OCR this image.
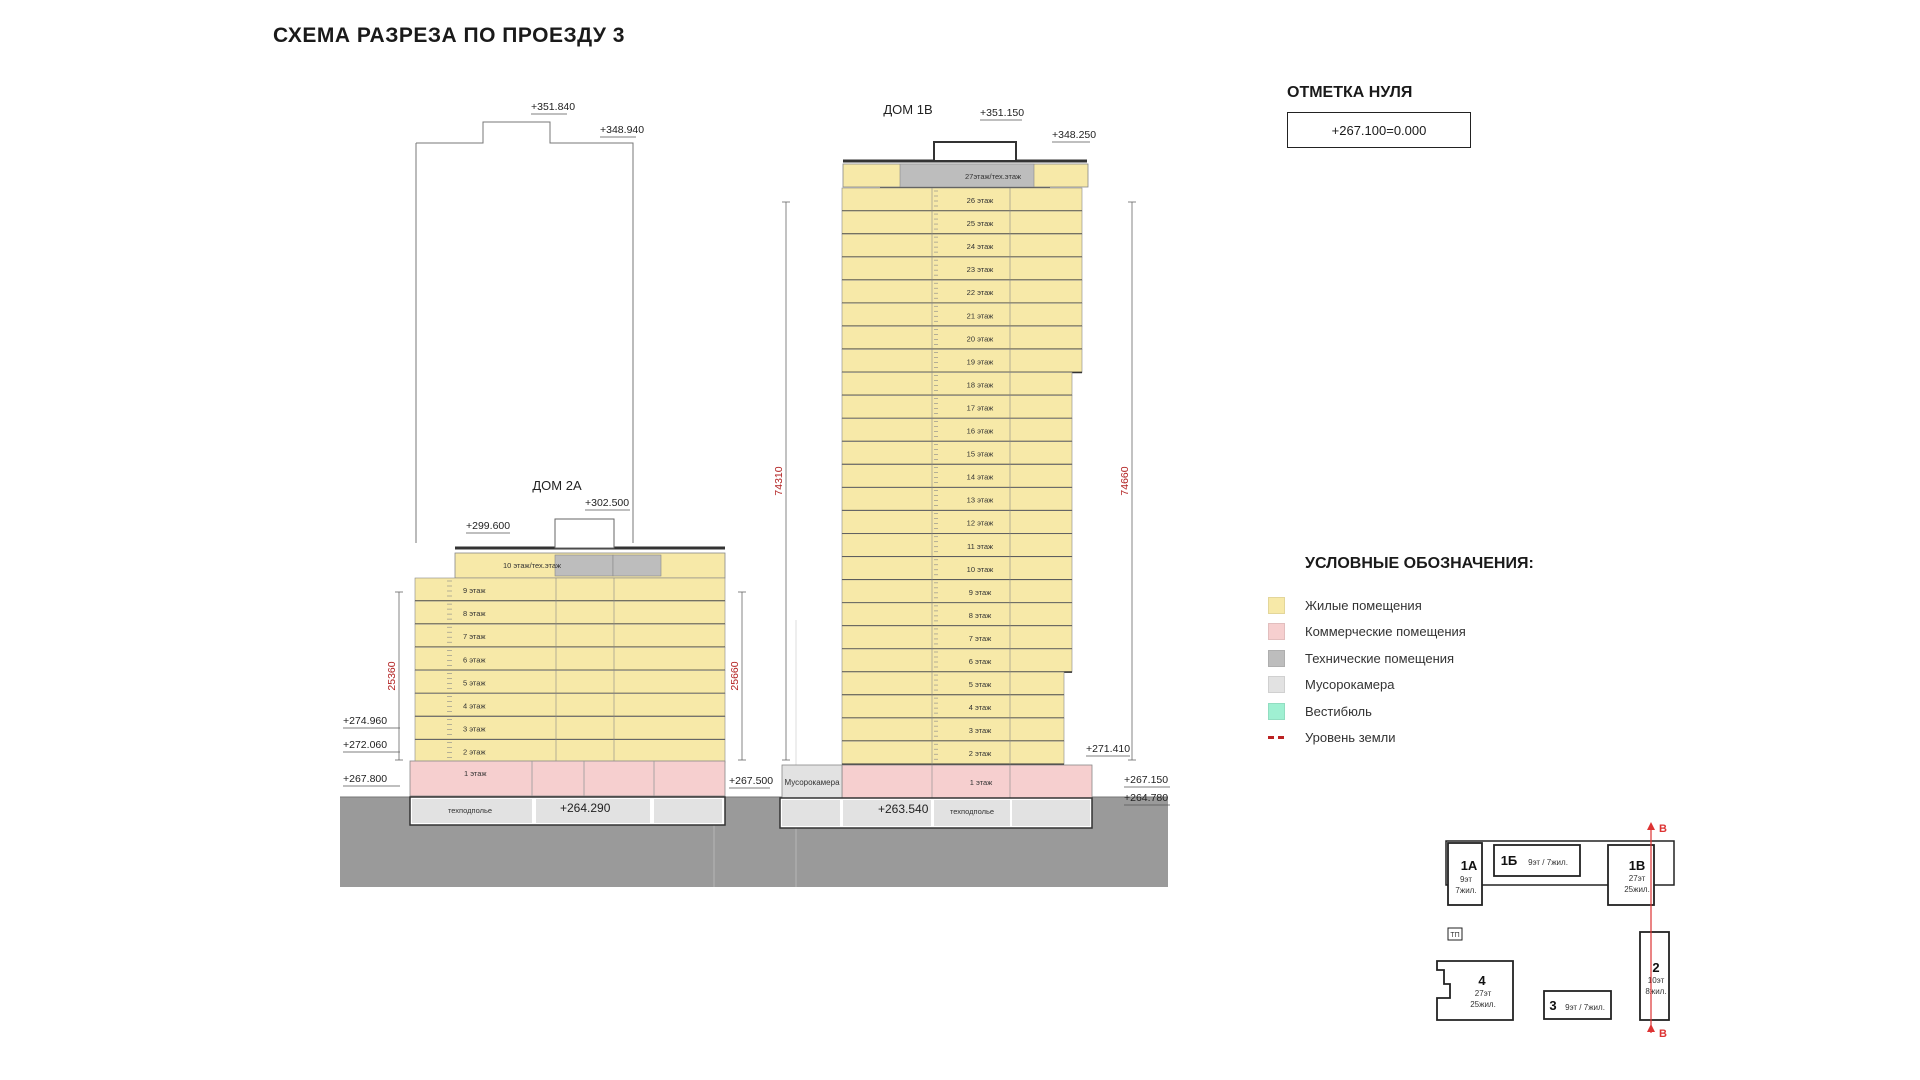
СХЕМА РАЗРЕЗА ПО ПРОЕЗДУ 3
+351.840
+348.940
ДОМ 2А
+302.500
+299.600
10 этаж/тех.этаж
9 этаж
8 этаж
7 этаж
6 этаж
5 этаж
4 этаж
3 этаж
2 этаж
1 этаж
техподполье	+264.290
+274.960
+272.060
+267.800	+267.500
ДОМ 1В	+351.150
+348.250
27этаж/тех.этаж
26 этаж
25 этаж
24 этаж
23 этаж
22 этаж
21 этаж
20 этаж
19 этаж
18 этаж
17 этаж
16 этаж
15 этаж
14 этаж
13 этаж
12 этаж
11 этаж
10 этаж
9 этаж
8 этаж
7 этаж
6 этаж
5 этаж
4 этаж
3 этаж
2 этаж
Мусорокамера	1 этаж
+263.540	техподполье
+271.410
+267.150
+264.780
25360	25660
74310	74660
1А
9эт
7жил.
1Б 9эт / 7жил.	1В
27эт
25жил.
ТП
4
27эт
25жил.	3 9эт / 7жил.
2
10эт
8жил.
В
В
ОТМЕТКА НУЛЯ
+267.100=0.000
УСЛОВНЫЕ ОБОЗНАЧЕНИЯ:
Жилые помещения
Коммерческие помещения
Технические помещения
Мусорокамера
Вестибюль
Уровень земли
